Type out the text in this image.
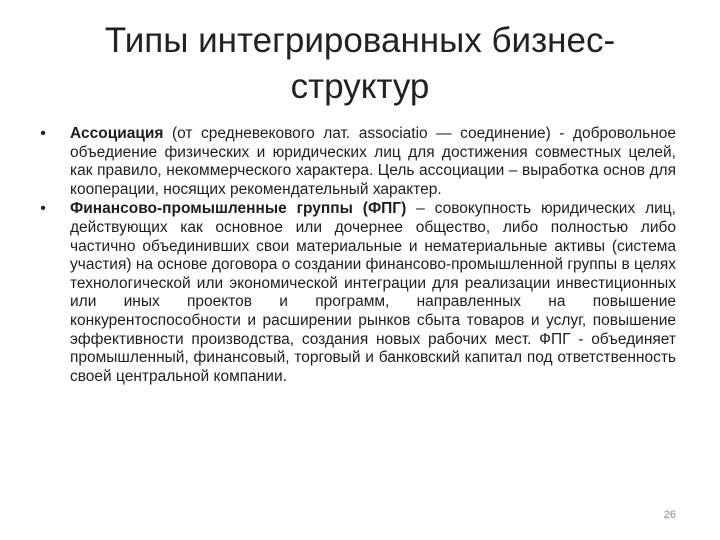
Типы интегрированных бизнес-структур
• Ассоциация (от средневекового лат. associatio — соединение) - добровольное объедиение физических и юридических лиц для достижения совместных целей, как правило, некоммерческого характера. Цель ассоциации – выработка основ для кооперации, носящих рекомендательный характер.
• Финансово-промышленные группы (ФПГ) – совокупность юридических лиц, действующих как основное или дочернее общество, либо полностью либо частично объединивших свои материальные и нематериальные активы (система участия) на основе договора о создании финансово-промышленной группы в целях технологической или экономической интеграции для реализации инвестиционных или иных проектов и программ, направленных на повышение конкурентоспособности и расширении рынков сбыта товаров и услуг, повышение эффективности производства, создания новых рабочих мест. ФПГ - объединяет промышленный, финансовый, торговый и банковский капитал под ответственность своей центральной компании.
26
